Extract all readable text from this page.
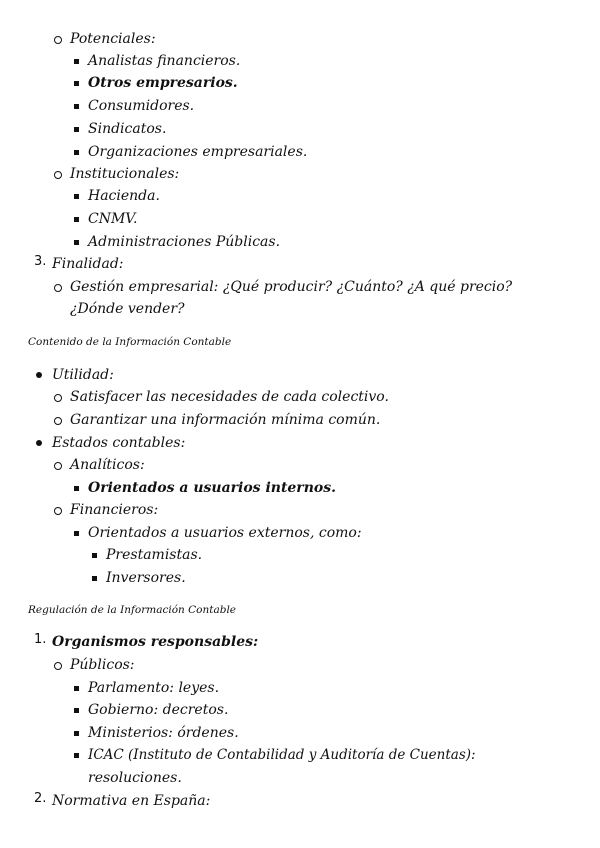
Potenciales:
Analistas financieros.
Otros empresarios.
Consumidores.
Sindicatos.
Organizaciones empresariales.
Institucionales:
Hacienda.
CNMV.
Administraciones Públicas.
3. Finalidad:
Gestión empresarial: ¿Qué producir? ¿Cuánto? ¿A qué precio?
¿Dónde vender?
Contenido de la Información Contable
Utilidad:
Satisfacer las necesidades de cada colectivo.
Garantizar una información mínima común.
Estados contables:
Analíticos:
Orientados a usuarios internos.
Financieros:
Orientados a usuarios externos, como:
Prestamistas.
Inversores.
Regulación de la Información Contable
1. Organismos responsables:
Públicos:
Parlamento: leyes.
Gobierno: decretos.
Ministerios: órdenes.
ICAC (Instituto de Contabilidad y Auditoría de Cuentas):
resoluciones.
2. Normativa en España:
